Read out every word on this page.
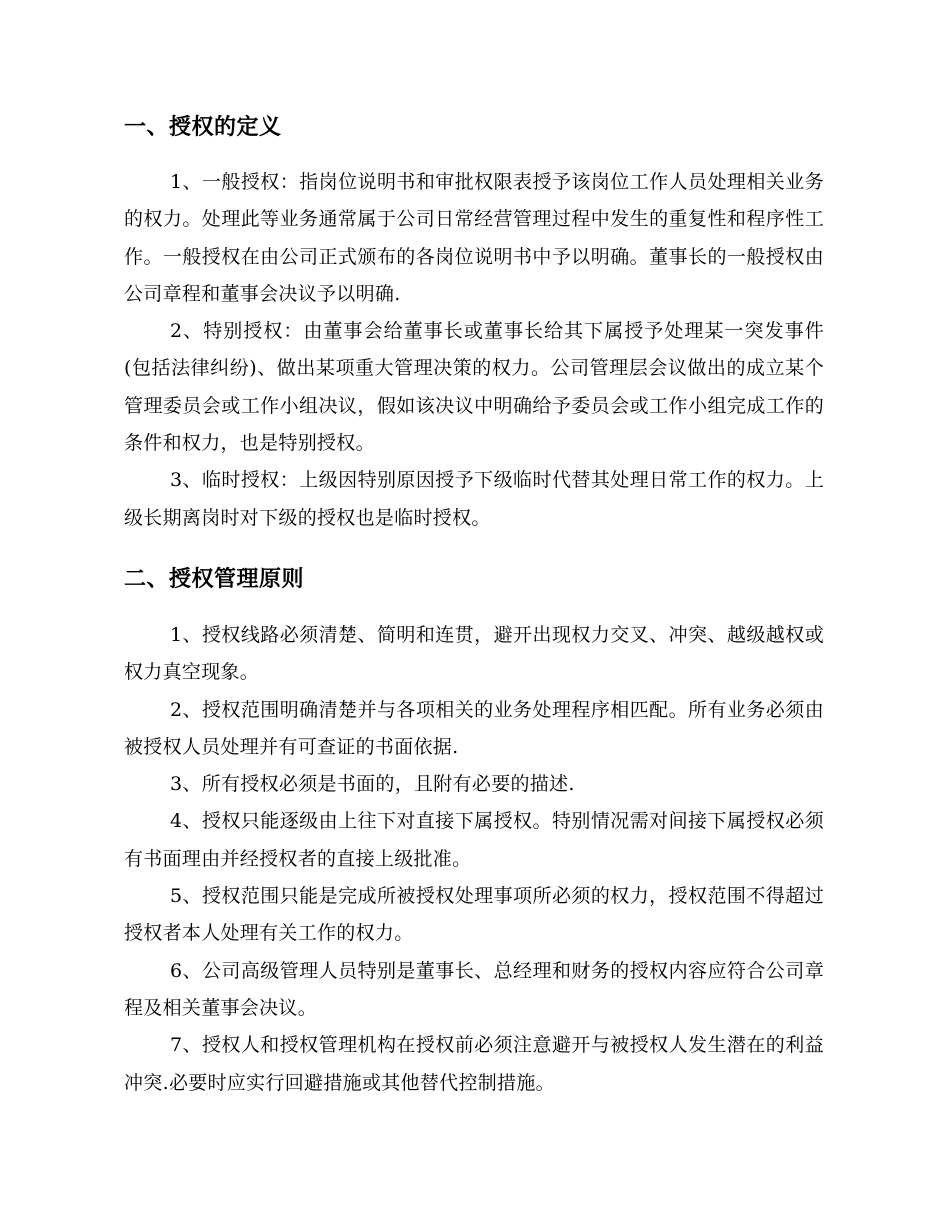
一、授权的定义

1、一般授权：指岗位说明书和审批权限表授予该岗位工作人员处理相关业务的权力。处理此等业务通常属于公司日常经营管理过程中发生的重复性和程序性工作。一般授权在由公司正式颁布的各岗位说明书中予以明确。董事长的一般授权由公司章程和董事会决议予以明确.

2、特别授权：由董事会给董事长或董事长给其下属授予处理某一突发事件(包括法律纠纷)、做出某项重大管理决策的权力。公司管理层会议做出的成立某个管理委员会或工作小组决议，假如该决议中明确给予委员会或工作小组完成工作的条件和权力，也是特别授权。

3、临时授权：上级因特别原因授予下级临时代替其处理日常工作的权力。上级长期离岗时对下级的授权也是临时授权。

二、授权管理原则

1、授权线路必须清楚、简明和连贯，避开出现权力交叉、冲突、越级越权或权力真空现象。

2、授权范围明确清楚并与各项相关的业务处理程序相匹配。所有业务必须由被授权人员处理并有可查证的书面依据.

3、所有授权必须是书面的，且附有必要的描述.

4、授权只能逐级由上往下对直接下属授权。特别情况需对间接下属授权必须有书面理由并经授权者的直接上级批准。

5、授权范围只能是完成所被授权处理事项所必须的权力，授权范围不得超过授权者本人处理有关工作的权力。

6、公司高级管理人员特别是董事长、总经理和财务的授权内容应符合公司章程及相关董事会决议。

7、授权人和授权管理机构在授权前必须注意避开与被授权人发生潜在的利益冲突.必要时应实行回避措施或其他替代控制措施。
